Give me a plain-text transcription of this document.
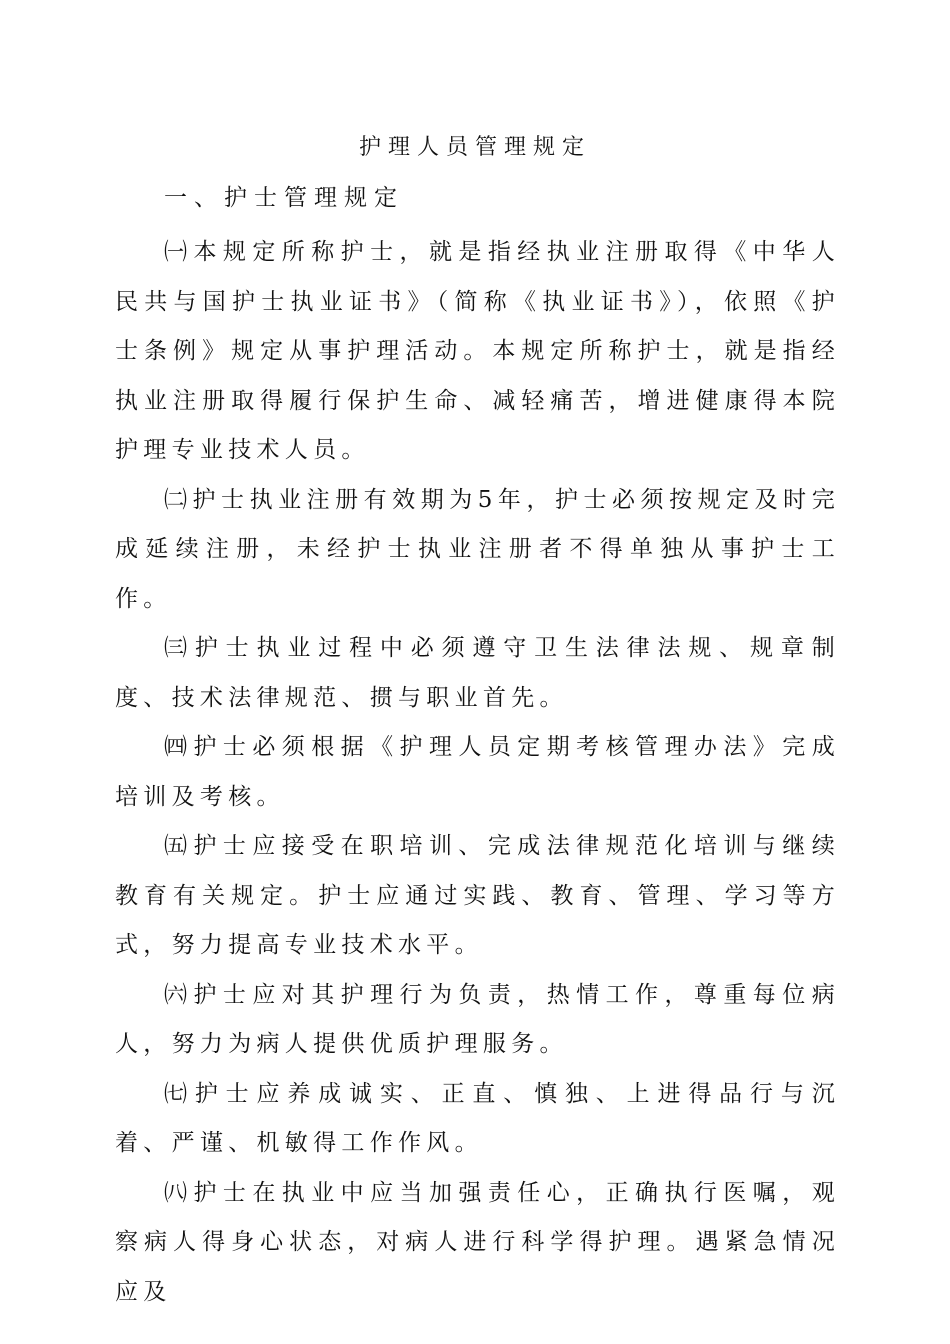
护理人员管理规定
一、护士管理规定

㈠本规定所称护士，就是指经执业注册取得《中华人民共与国护士执业证书》（简称《执业证书》），依照《护士条例》规定从事护理活动。本规定所称护士，就是指经执业注册取得履行保护生命、减轻痛苦，增进健康得本院护理专业技术人员。

㈡护士执业注册有效期为5年，护士必须按规定及时完成延续注册，未经护士执业注册者不得单独从事护士工作。

㈢护士执业过程中必须遵守卫生法律法规、规章制度、技术法律规范、掼与职业首先。

㈣护士必须根据《护理人员定期考核管理办法》完成培训及考核。

㈤护士应接受在职培训、完成法律规范化培训与继续教育有关规定。护士应通过实践、教育、管理、学习等方式，努力提高专业技术水平。

㈥护士应对其护理行为负责，热情工作，尊重每位病人，努力为病人提供优质护理服务。

㈦护士应养成诚实、正直、慎独、上进得品行与沉着、严谨、机敏得工作作风。

㈧护士在执业中应当加强责任心，正确执行医嘱，观察病人得身心状态，对病人进行科学得护理。遇紧急情况应及
